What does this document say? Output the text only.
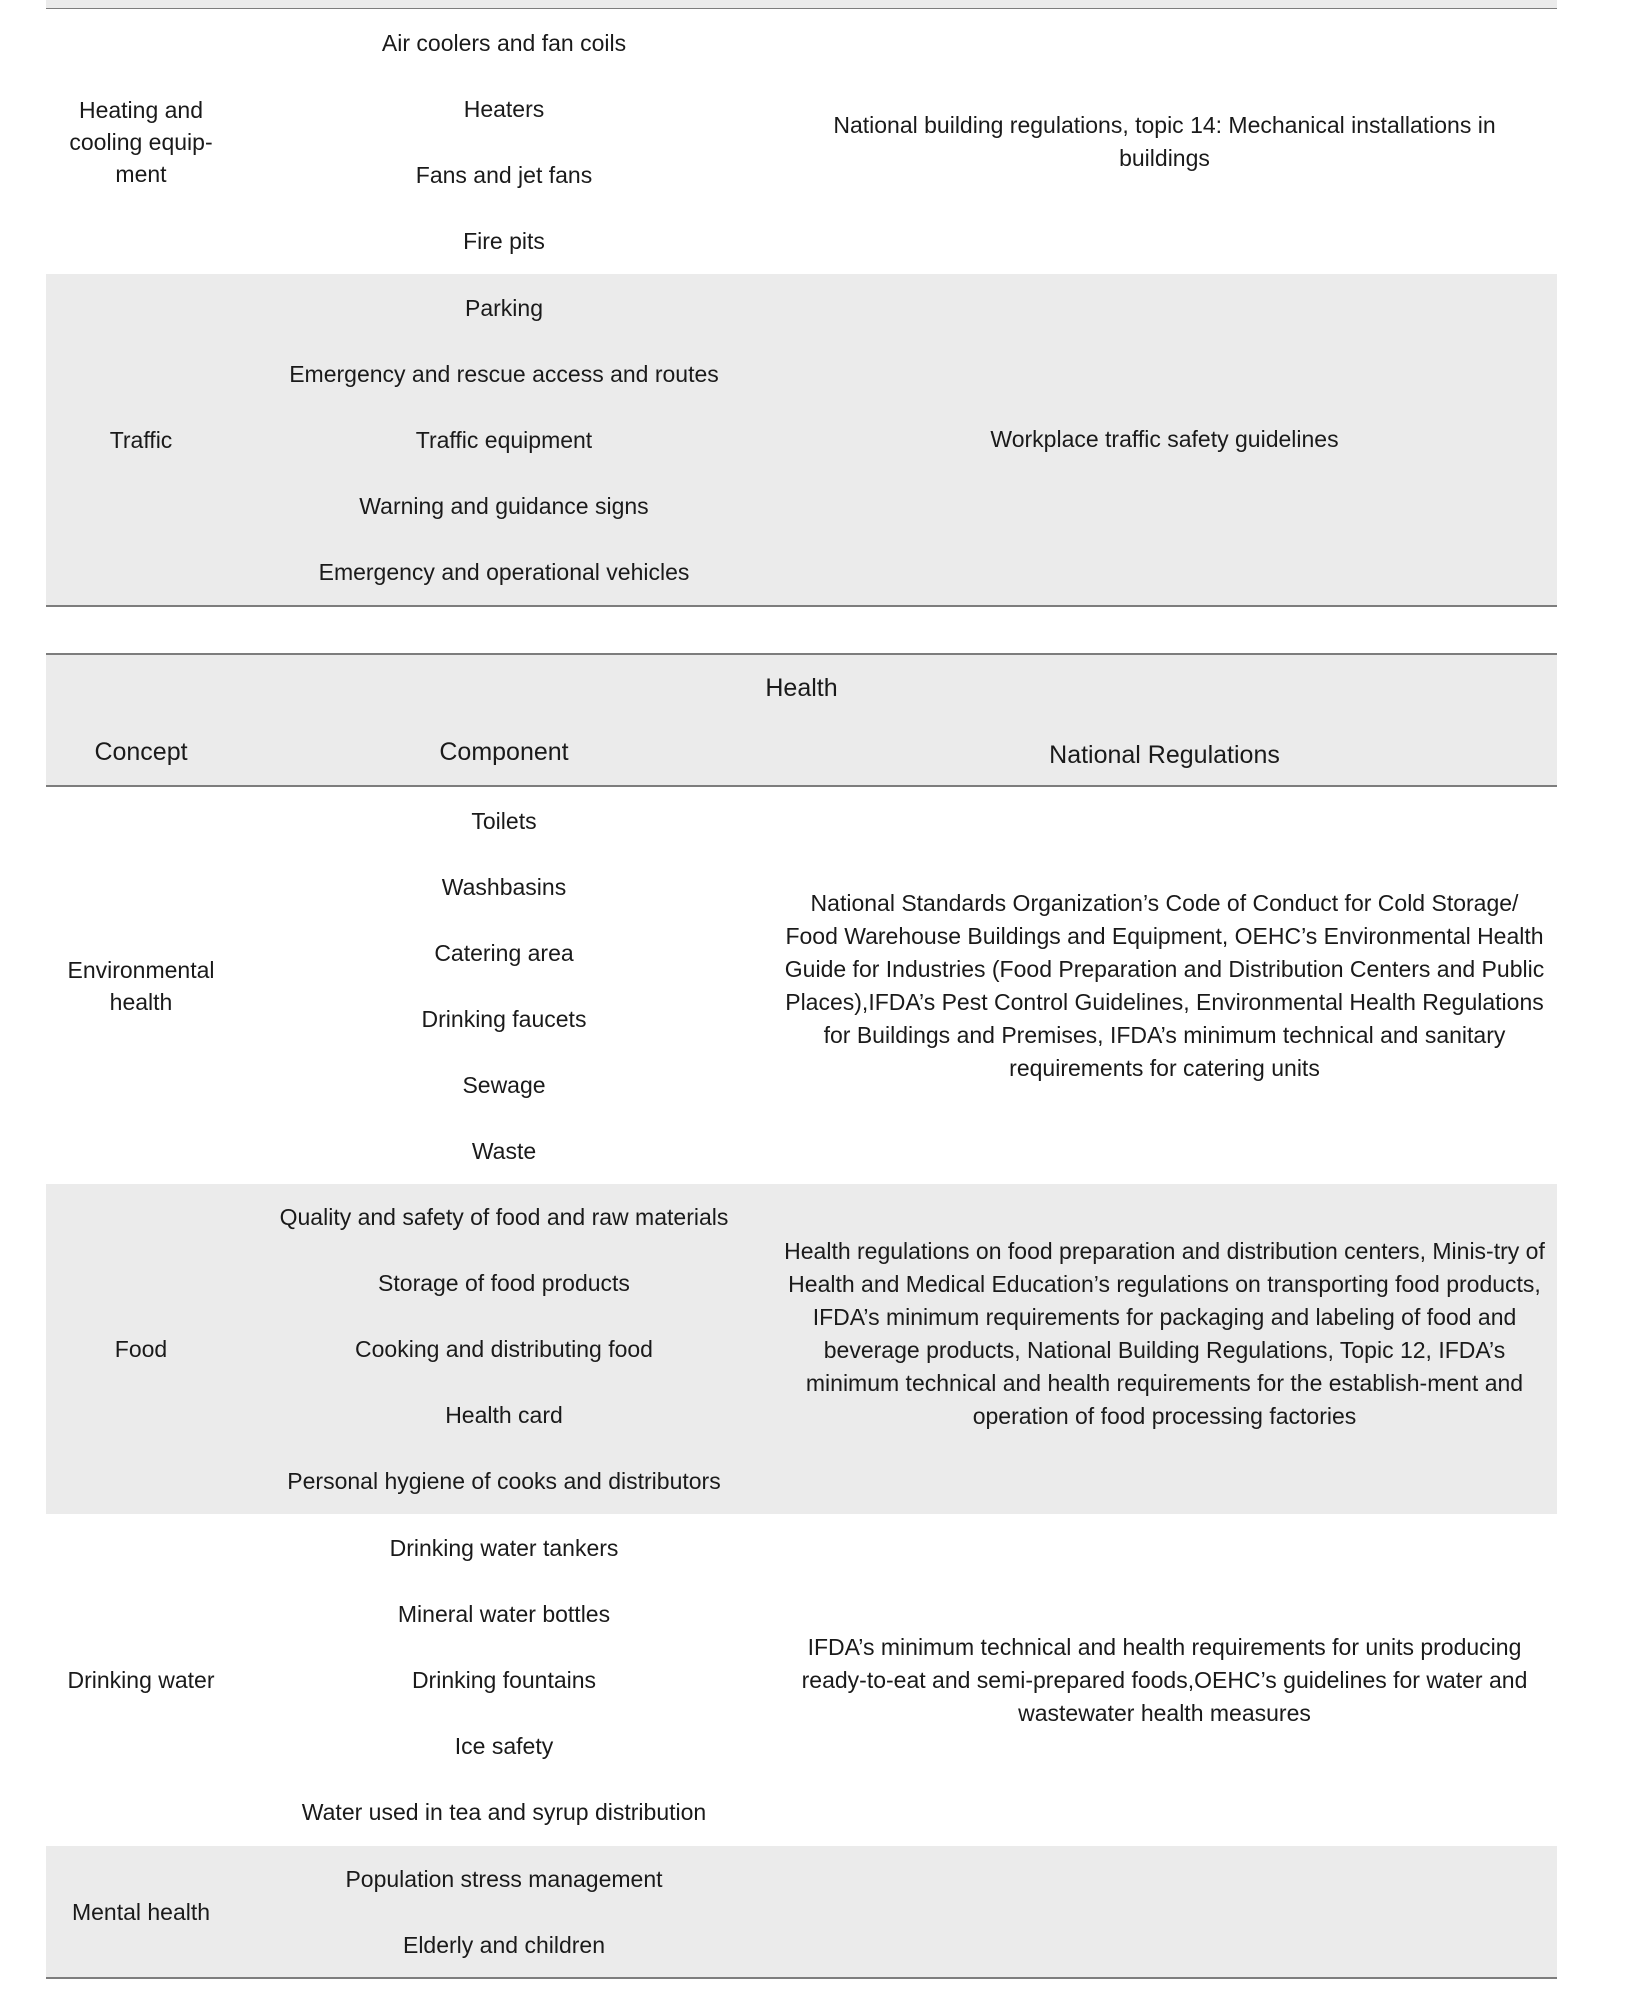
Heating and
cooling equip-
ment
Air coolers and fan coils
Heaters
Fans and jet fans
Fire pits
National building regulations, topic 14: Mechanical installations in buildings
Traffic
Parking
Emergency and rescue access and routes
Traffic equipment
Warning and guidance signs
Emergency and operational vehicles
Workplace traffic safety guidelines
Health
Concept	Component	National Regulations
Environmental health
Toilets
Washbasins
Catering area
Drinking faucets
Sewage
Waste
National Standards Organization’s Code of Conduct for Cold Storage/ Food Warehouse Buildings and Equipment, OEHC’s Environmental Health Guide for Industries (Food Preparation and Distribution Centers and Public Places),IFDA’s Pest Control Guidelines, Environmental Health Regulations for Buildings and Premises, IFDA’s minimum technical and sanitary requirements for catering units
Food
Quality and safety of food and raw materials
Storage of food products
Cooking and distributing food
Health card
Personal hygiene of cooks and distributors
Health regulations on food preparation and distribution centers, Minis-try of Health and Medical Education’s regulations on transporting food products, IFDA’s minimum requirements for packaging and labeling of food and beverage products, National Building Regulations, Topic 12, IFDA’s minimum technical and health requirements for the establish-ment and operation of food processing factories
Drinking water
Drinking water tankers
Mineral water bottles
Drinking fountains
Ice safety
Water used in tea and syrup distribution
IFDA’s minimum technical and health requirements for units producing ready-to-eat and semi-prepared foods,OEHC’s guidelines for water and wastewater health measures
Mental health
Population stress management
Elderly and children
